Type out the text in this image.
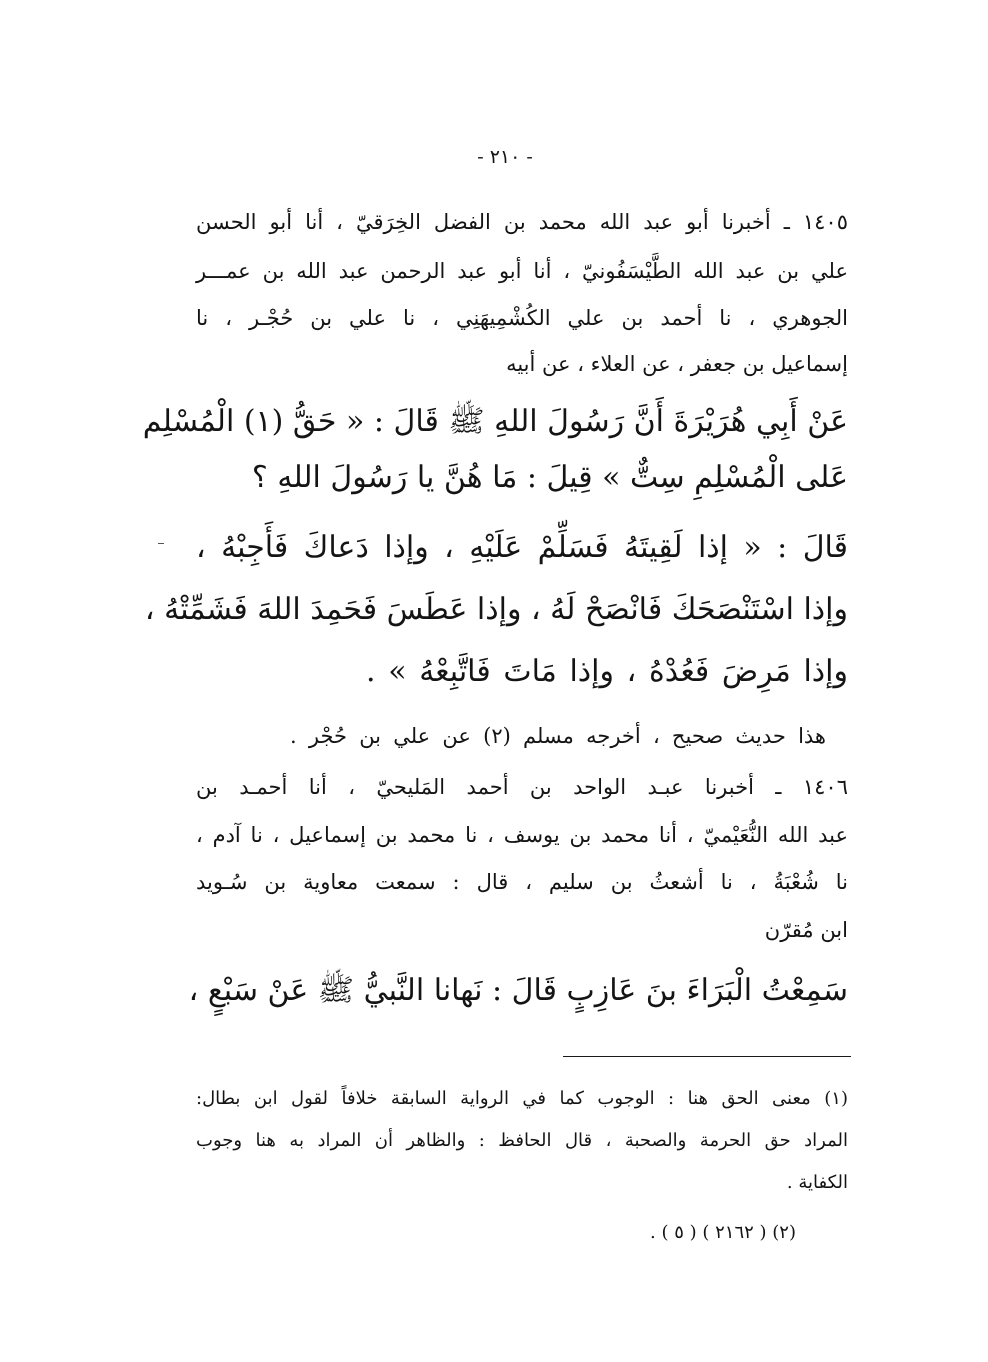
- ٢١٠ -
١٤٠٥ ـ أخبرنا أبو عبد الله محمد بن الفضل الخِرَقيّ ، أنا أبو الحسن
علي بن عبد الله الطَّيْسَفُونيّ ، أنا أبو عبد الرحمن عبد الله بن عمـــر
الجوهري ، نا أحمد بن علي الكُشْمِيهَنِي ، نا علي بن حُجْـر ، نا
إسماعيل بن جعفر ، عن العلاء ، عن أبيه
عَنْ أَبِي هُرَيْرَةَ أَنَّ رَسُولَ اللهِ ﷺ قَالَ : « حَقُّ (١) الْمُسْلِم
عَلى الْمُسْلِمِ سِتٌّ » قِيلَ : مَا هُنَّ يا رَسُولَ اللهِ ؟
قَالَ : « إذا لَقِيتَهُ فَسَلِّمْ عَلَيْهِ ، وإذا دَعاكَ فَأَجِبْهُ ،
وإذا اسْتَنْصَحَكَ فَانْصَحْ لَهُ ، وإذا عَطَسَ فَحَمِدَ اللهَ فَشَمِّتْهُ ،
وإذا مَرِضَ فَعُدْهُ ، وإذا مَاتَ فَاتَّبِعْهُ » .
هذا حديث صحيح ، أخرجه مسلم (٢) عن علي بن حُجْر .
١٤٠٦ ـ أخبرنا عبـد الواحد بن أحمد المَليحيّ ، أنا أحمـد بن
عبد الله النُّعَيْميّ ، أنا محمد بن يوسف ، نا محمد بن إسماعيل ، نا آدم ،
نا شُعْبَةُ ، نا أشعثُ بن سليم ، قال : سمعت معاوية بن سُـويد
ابن مُقرّن
سَمِعْتُ الْبَرَاءَ بنَ عَازِبٍ قَالَ : نَهانا النَّبيُّ ﷺ عَنْ سَبْعٍ ،
(١) معنى الحق هنا : الوجوب كما في الرواية السابقة خلافاً لقول ابن بطال:
المراد حق الحرمة والصحبة ، قال الحافظ : والظاهر أن المراد به هنا وجوب
الكفاية .
(٢) ( ٢١٦٢ ) ( ٥ ) .
